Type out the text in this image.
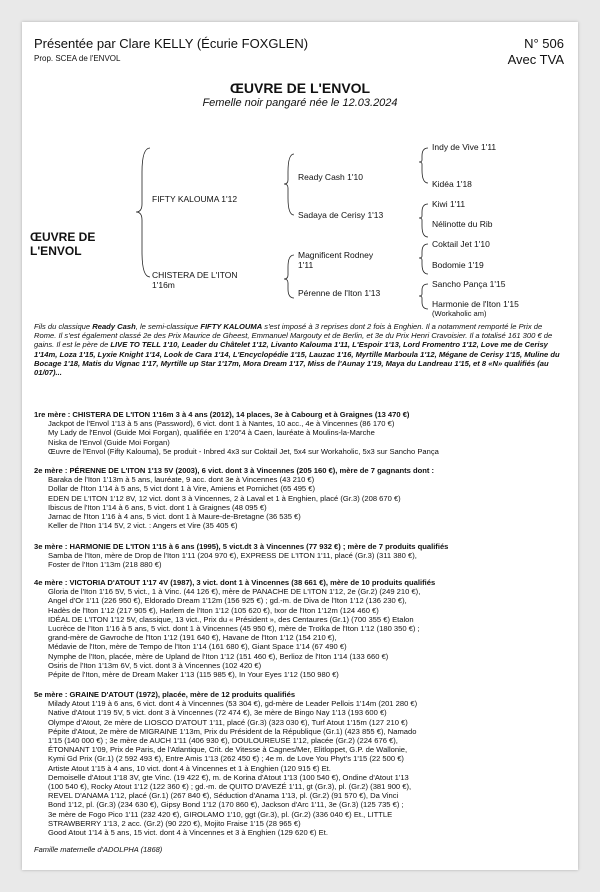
Présentée par Clare KELLY (Écurie FOXGLEN)
Prop. SCEA de l'ENVOL
N° 506
Avec TVA
ŒUVRE DE L'ENVOL
Femelle noir pangaré née le 12.03.2024
ŒUVRE DE
L'ENVOL
FIFTY KALOUMA 1'12
CHISTERA DE L'ITON
1'16m
Ready Cash 1'10
Sadaya de Cerisy 1'13
Magnificent Rodney
1'11
Pérenne de l'Iton 1'13
Indy de Vive 1'11
Kidéa 1'18
Kiwi 1'11
Nélinotte du Rib
Coktail Jet 1'10
Bodomie 1'19
Sancho Pança 1'15
Harmonie de l'Iton 1'15
(Workaholic am)
Fils du classique Ready Cash, le semi-classique FIFTY KALOUMA s'est imposé à 3 reprises dont 2 fois à Enghien. Il a notamment remporté le Prix de Rome. Il s'est également classé 2e des Prix Maurice de Gheest, Emmanuel Margouty et de Berlin, et 3e du Prix Henri Cravoisier. Il a totalisé 161 300 € de gains. Il est le père de LIVE TO TELL 1'10, Leader du Châtelet 1'12, Livanto Kalouma 1'11, L'Espoir 1'13, Lord Fromentro 1'12, Love me de Cerisy 1'14m, Loza 1'15, Lyxie Knight 1'14, Look de Cara 1'14, L'Encyclopédie 1'15, Lauzac 1'16, Myrtille Marboula 1'12, Mégane de Cerisy 1'15, Muline du Bocage 1'18, Matis du Vignac 1'17, Myrtille up Star 1'17m, Mora Dream 1'17, Miss de l'Aunay 1'19, Maya du Landreau 1'15, et 8 «N» qualifiés (au 01/07)...

1re mère : CHISTERA DE L'ITON 1'16m 3 à 4 ans (2012), 14 places, 3e à Cabourg et à Graignes (13 470 €)

Jackpot de l'Envol 1'13 à 5 ans (Password), 6 vict. dont 1 à Nantes, 10 acc., 4e à Vincennes (86 170 €)

My Lady de l'Envol (Guide Moi Forgan), qualifiée en 1'20"4 à Caen, lauréate à Moulins-la-Marche

Niska de l'Envol (Guide Moi Forgan)

Œuvre de l'Envol (Fifty Kalouma), 5e produit - Inbred 4x3 sur Coktail Jet, 5x4 sur Workaholic, 5x3 sur Sancho Pança

2e mère : PÉRENNE DE L'ITON 1'13 5V (2003), 6 vict. dont 3 à Vincennes (205 160 €), mère de 7 gagnants dont :

Baraka de l'Iton 1'13m à 5 ans, lauréate, 9 acc. dont 3e à Vincennes (43 210 €)

Dollar de l'Iton 1'14 à 5 ans, 5 vict dont 1 à Vire, Amiens et Pornichet (65 495 €)

EDEN DE L'ITON 1'12 8V, 12 vict. dont 3 à Vincennes, 2 à Laval et 1 à Enghien, placé (Gr.3) (208 670 €)

Ibiscus de l'Iton 1'14 à 6 ans, 5 vict. dont 1 à Graignes (48 095 €)

Jarnac de l'Iton 1'16 à 4 ans, 5 vict. dont 1 à Maure-de-Bretagne (36 535 €)

Keller de l'Iton 1'14 5V, 2 vict. : Angers et Vire (35 405 €)

3e mère : HARMONIE DE L'ITON 1'15 à 6 ans (1995), 5 vict.dt 3 à Vincennes (77 932 €) ; mère de 7 produits qualifiés

Samba de l'Iton, mère de Drop de l'Iton 1'11 (204 970 €), EXPRESS DE L'ITON 1'11, placé (Gr.3) (311 380 €),

Foster de l'Iton 1'13m (218 880 €)

4e mère : VICTORIA D'ATOUT 1'17 4V (1987), 3 vict. dont 1 à Vincennes (38 661 €), mère de 10 produits qualifiés

Gloria de l'Iton 1'16 5V, 5 vict., 1 à Vinc. (44 126 €), mère de PANACHE DE L'ITON 1'12, 2e (Gr.2) (249 210 €),

Angel d'Or 1'11 (226 950 €), Eldorado Dream 1'12m (156 925 €) ; gd.-m. de Diva de l'Iton 1'12 (136 230 €),

Hadès de l'Iton 1'12 (217 905 €), Harlem de l'Iton 1'12 (105 620 €), Ixor de l'Iton 1'12m (124 460 €)

IDÉAL DE L'ITON 1'12 5V, classique, 13 vict., Prix du « Président », des Centaures (Gr.1) (700 355 €) Etalon

Lucrèce de l'Iton 1'16 à 5 ans, 5 vict. dont 1 à Vincennes (45 950 €), mère de Troïka de l'Iton 1'12 (180 350 €) ;

grand-mère de Gavroche de l'Iton 1'12 (191 640 €), Havane de l'Iton 1'12 (154 210 €),

Médavie de l'Iton, mère de Tempo de l'Iton 1'14 (161 680 €), Giant Space 1'14 (67 490 €)

Nymphe de l'Iton, placée, mère de Upland de l'Iton 1'12 (151 460 €), Berlioz de l'Iton 1'14 (133 660 €)

Osiris de l'Iton 1'13m 6V, 5 vict. dont 3 à Vincennes (102 420 €)

Pépite de l'Iton, mère de Dream Maker 1'13 (115 985 €), In Your Eyes 1'12 (150 980 €)

5e mère : GRAINE D'ATOUT (1972), placée, mère de 12 produits qualifiés

Milady Atout 1'19 à 6 ans, 6 vict. dont 4 à Vincennes (53 304 €), gd-mère de Leader Pellois 1'14m (201 280 €)

Native d'Atout 1'19 5V, 5 vict. dont 3 à Vincennes (72 474 €), 3e mère de Bingo Nay 1'13 (193 600 €)

Olympe d'Atout, 2e mère de LIOSCO D'ATOUT 1'11, placé (Gr.3) (323 030 €), Turf Atout 1'15m (127 210 €)

Pépite d'Atout, 2e mère de MIGRAINE 1'13m, Prix du Président de la République (Gr.1) (423 855 €), Namado

1'15 (140 000 €) ; 3e mère de AUCH 1'11 (406 930 €), DOULOUREUSE 1'12, placée (Gr.2) (224 676 €),

ÉTONNANT 1'09, Prix de Paris, de l'Atlantique, Crit. de Vitesse à Cagnes/Mer, Elitloppet, G.P. de Wallonie,

Kymi Gd Prix (Gr.1) (2 592 493 €), Entre Amis 1'13 (262 450 €) ; 4e m. de Love You Phyt's 1'15 (22 500 €)

Artiste Atout 1'15 à 4 ans, 10 vict. dont 4 à Vincennes et 1 à Enghien (120 915 €) Et.

Demoiselle d'Atout 1'18 3V, gte Vinc. (19 422 €), m. de Korina d'Atout 1'13 (100 540 €), Ondine d'Atout 1'13

(100 540 €), Rocky Atout 1'12 (122 360 €) ; gd.-m. de QUITO D'AVEZÉ 1'11, gt (Gr.3), pl. (Gr.2) (381 900 €),

REVEL D'ANAMA 1'12, placé (Gr.1) (267 840 €), Séduction d'Anama 1'13, pl. (Gr.2) (91 570 €), Da Vinci

Bond 1'12, pl. (Gr.3) (234 630 €), Gipsy Bond 1'12 (170 860 €), Jackson d'Arc 1'11, 3e (Gr.3) (125 735 €) ;

3e mère de Fogo Pico 1'11 (232 420 €), GIROLAMO 1'10, ggt (Gr.3), pl. (Gr.2) (336 040 €) Et., LITTLE

STRAWBERRY 1'13, 2 acc. (Gr.2) (90 220 €), Mojito Fraise 1'15 (28 965 €)

Good Atout 1'14 à 5 ans, 15 vict. dont 4 à Vincennes et 3 à Enghien (129 620 €) Et.

Famille maternelle d'ADOLPHA (1868)
